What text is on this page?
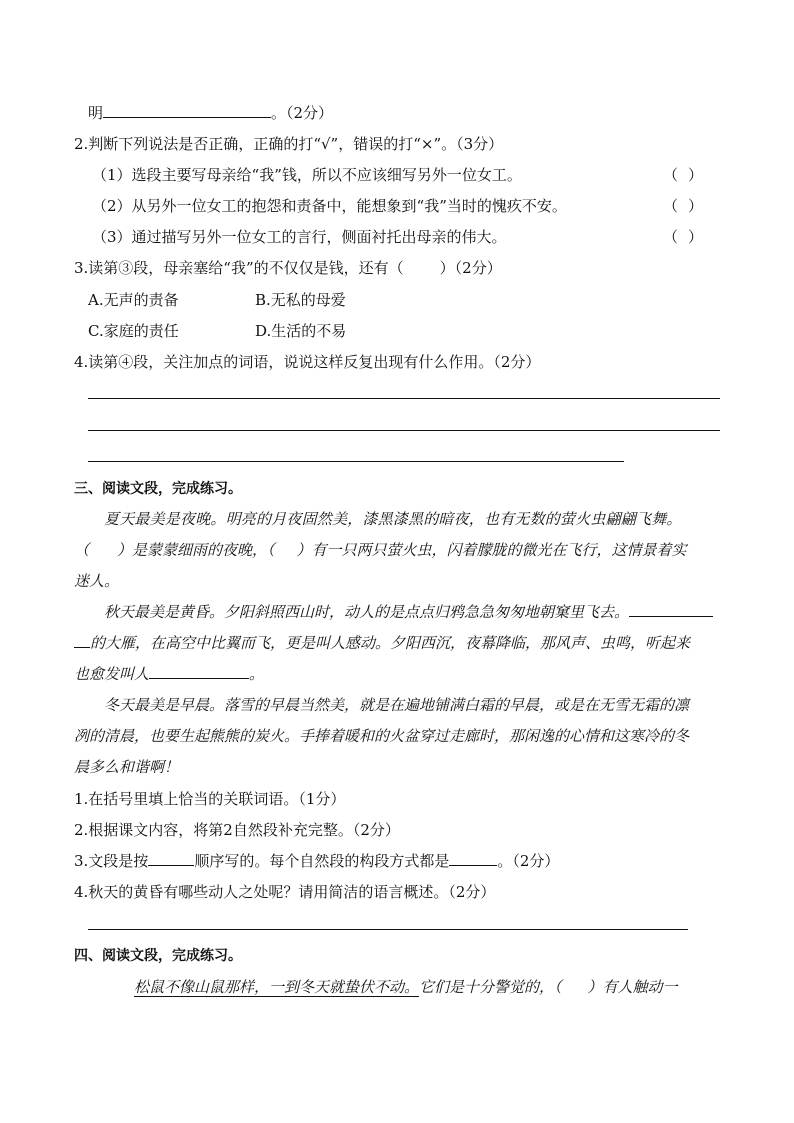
明	。（2分）
2.判断下列说法是否正确，正确的打“√”，错误的打“×”。（3分）
（1）选段主要写母亲给“我”钱，所以不应该细写另外一位女工。	（ ）
（2）从另外一位女工的抱怨和责备中，能想象到“我”当时的愧疚不安。	（ ）
（3）通过描写另外一位女工的言行，侧面衬托出母亲的伟大。	（ ）
3.读第③段，母亲塞给“我”的不仅仅是钱，还有（ ）（2分）
A.无声的责备	B.无私的母爱
C.家庭的责任	D.生活的不易
4.读第④段，关注加点的词语，说说这样反复出现有什么作用。（2分）
三、阅读文段，完成练习。
夏天最美是夜晚。明亮的月夜固然美，漆黑漆黑的暗夜，也有无数的萤火虫翩翩飞舞。
（ ）是蒙蒙细雨的夜晚，（ ）有一只两只萤火虫，闪着朦胧的微光在飞行，这情景着实
迷人。
秋天最美是黄昏。夕阳斜照西山时，动人的是点点归鸦急急匆匆地朝窠里飞去。
的大雁，在高空中比翼而飞，更是叫人感动。夕阳西沉，夜幕降临，那风声、虫鸣，听起来
也愈发叫人	。
冬天最美是早晨。落雪的早晨当然美，就是在遍地铺满白霜的早晨，或是在无雪无霜的凛
冽的清晨，也要生起熊熊的炭火。手捧着暖和的火盆穿过走廊时，那闲逸的心情和这寒冷的冬
晨多么和谐啊！
1.在括号里填上恰当的关联词语。（1分）
2.根据课文内容，将第2自然段补充完整。（2分）
3.文段是按	顺序写的。每个自然段的构段方式都是	。（2分）
4.秋天的黄昏有哪些动人之处呢？请用简洁的语言概述。（2分）
四、阅读文段，完成练习。
松鼠不像山鼠那样，一到冬天就蛰伏不动。它们是十分警觉的，（ ）有人触动一
